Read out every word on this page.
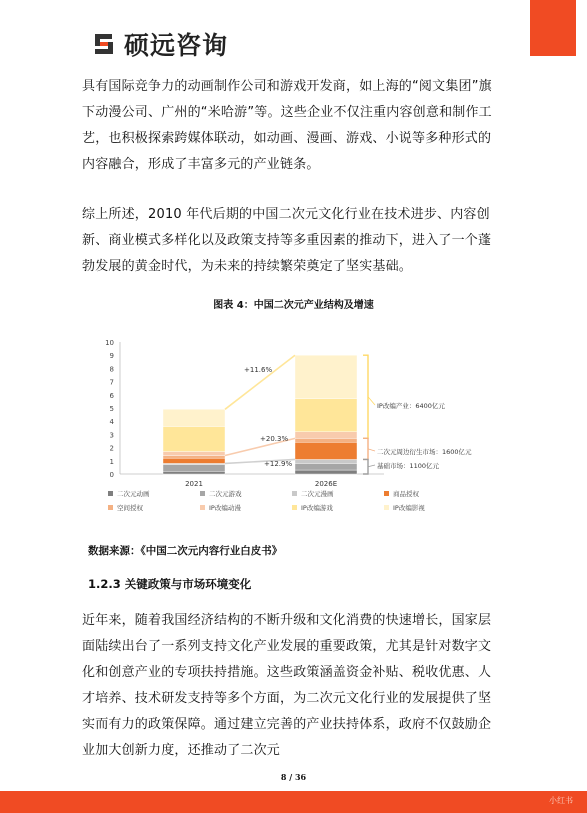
硕远咨询
具有国际竞争力的动画制作公司和游戏开发商，如上海的“阅文集团”旗下动漫公司、广州的“米哈游”等。这些企业不仅注重内容创意和制作工艺，也积极探索跨媒体联动，如动画、漫画、游戏、小说等多种形式的内容融合，形成了丰富多元的产业链条。
综上所述，2010 年代后期的中国二次元文化行业在技术进步、内容创新、商业模式多样化以及政策支持等多重因素的推动下，进入了一个蓬勃发展的黄金时代，为未来的持续繁荣奠定了坚实基础。
图表 4：中国二次元产业结构及增速
0
1
2
3
4
5
6
7
8
9
10
2021	2026E
+11.6%
+20.3%
+12.9%
IP改编产业：6400亿元
二次元周边衍生市场：1600亿元
基础市场：1100亿元
二次元动画	二次元游戏	二次元漫画	商品授权
空间授权	IP改编动漫	IP改编游戏	IP改编影视
数据来源：《中国二次元内容行业白皮书》
1.2.3 关键政策与市场环境变化
近年来，随着我国经济结构的不断升级和文化消费的快速增长，国家层面陆续出台了一系列支持文化产业发展的重要政策，尤其是针对数字文化和创意产业的专项扶持措施。这些政策涵盖资金补贴、税收优惠、人才培养、技术研发支持等多个方面，为二次元文化行业的发展提供了坚实而有力的政策保障。通过建立完善的产业扶持体系，政府不仅鼓励企业加大创新力度，还推动了二次元
8 / 36
小红书
